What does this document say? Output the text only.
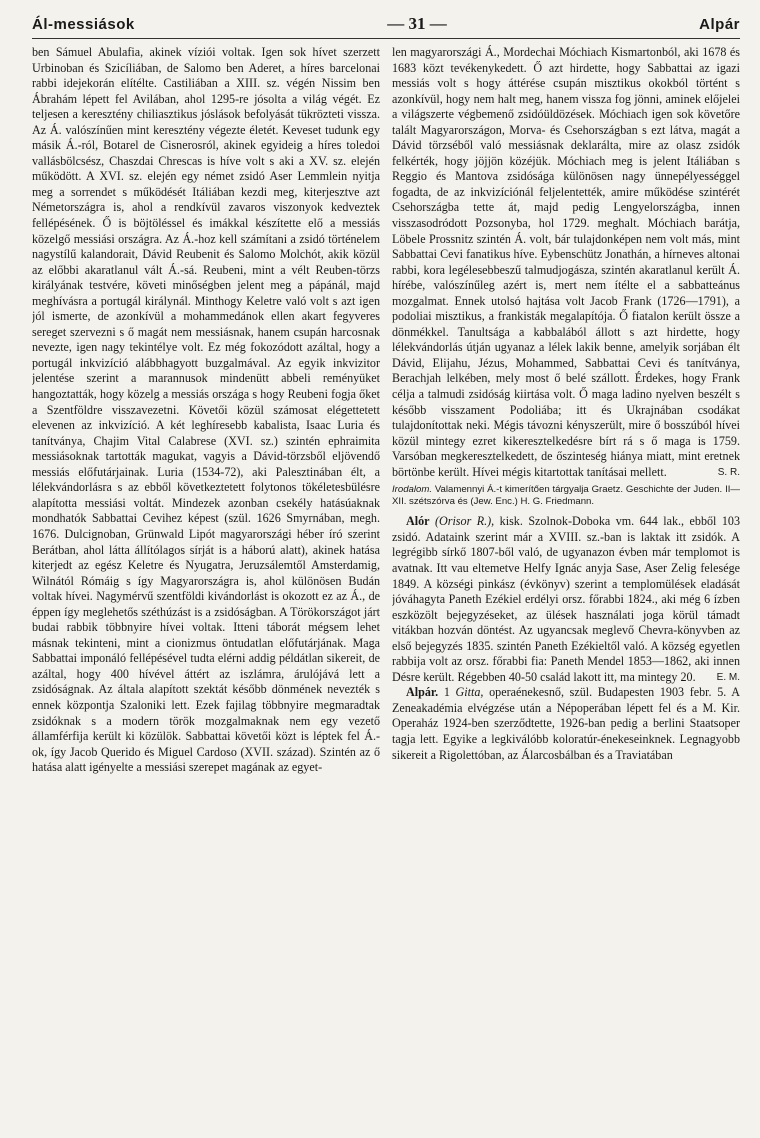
Ál-messiások	— 31 —	Alpár

ben Sámuel Abulafia, akinek víziói voltak. Igen sok hívet szerzett Urbinoban és Szicíliában, de Salomo ben Aderet, a híres barcelonai rabbi idejekorán elítélte. Castiliában a XIII. sz. végén Nissim ben Ábrahám lépett fel Avilában, ahol 1295-re jósolta a világ végét. Ez teljesen a keresztény chiliasztikus jóslások befolyását tükrözteti vissza. Az Á. valószínűen mint keresztény végezte életét. Keveset tudunk egy másik Á.-ról, Botarel de Cisnerosról, akinek egyideig a híres toledoi vallásbölcsész, Chaszdai Chrescas is híve volt s aki a XV. sz. elején működött. A XVI. sz. elején egy német zsidó Aser Lemmlein nyitja meg a sorrendet s működését Itáliában kezdi meg, kiterjesztve azt Németországra is, ahol a rendkívül zavaros viszonyok kedveztek fellépésének. Ő is böjtöléssel és imákkal készítette elő a messiás közelgő messiási országra. Az Á.-hoz kell számítani a zsidó történelem nagystílű kalandorait, Dávid Reubenit és Salomo Molchót, akik közül az előbbi akaratlanul vált Á.-sá. Reubeni, mint a vélt Reuben-törzs királyának testvére, követi minőségben jelent meg a pápánál, majd meghívásra a portugál királynál. Minthogy Keletre való volt s azt igen jól ismerte, de azonkívül a mohammedánok ellen akart fegyveres sereget szervezni s ő magát nem messiásnak, hanem csupán harcosnak nevezte, igen nagy tekintélye volt. Ez még fokozódott azáltal, hogy a portugál inkvizíció alábbhagyott buzgalmával. Az egyik inkvizitor jelentése szerint a marannusok mindenütt abbeli reményüket hangoztatták, hogy közelg a messiás országa s hogy Reubeni fogja őket a Szentföldre visszavezetni. Követői közül számosat elégettetett elevenen az inkvizíció. A két leghíresebb kabalista, Isaac Luria és tanítványa, Chajim Vital Calabrese (XVI. sz.) szintén ephraimita messiásoknak tartották magukat, vagyis a Dávid-törzsből eljövendő messiás előfutárjainak. Luria (1534-72), aki Palesztinában élt, a lélekvándorlásra s az ebből következtetett folytonos tökéletesbülésre alapította messiási voltát. Mindezek azonban csekély hatásúaknak mondhatók Sabbattai Cevihez képest (szül. 1626 Smyrnában, megh. 1676. Dulcignoban, Grünwald Lipót magyarországi héber író szerint Berátban, ahol látta állítólagos sírját is a háború alatt), akinek hatása kiterjedt az egész Keletre és Nyugatra, Jeruzsálemtől Amsterdamig, Wilnától Rómáig s így Magyarországra is, ahol különösen Budán voltak hívei. Nagymérvű szentföldi kivándorlást is okozott ez az Á., de éppen így meglehetős széthúzást is a zsidóságban. A Törökországot járt budai rabbik többnyire hívei voltak. Itteni táborát mégsem lehet másnak tekinteni, mint a cionizmus öntudatlan előfutárjának. Maga Sabbattai imponáló fellépésével tudta elérni addig példátlan sikereit, de azáltal, hogy 400 hívével áttért az iszlámra, árulójává lett a zsidóságnak. Az általa alapított szektát később dönmének nevezték s ennek központja Szaloniki lett. Ezek fajilag többnyire megmaradtak zsidóknak s a modern török mozgalmaknak nem egy vezető államférfija került ki közülök. Sabbattai követői közt is léptek fel Á.-ok, így Jacob Querido és Miguel Cardoso (XVII. század). Szintén az ő hatása alatt igényelte a messiási szerepet magának az egyet-

len magyarországi Á., Mordechai Móchiach Kismartonból, aki 1678 és 1683 közt tevékenykedett. Ő azt hirdette, hogy Sabbattai az igazi messiás volt s hogy áttérése csupán misztikus okokból történt s azonkívül, hogy nem halt meg, hanem vissza fog jönni, aminek előjelei a világszerte végbemenő zsidóüldözések. Móchiach igen sok követőre talált Magyarországon, Morva- és Csehországban s ezt látva, magát a Dávid törzséből való messiásnak deklarálta, mire az olasz zsidók felkérték, hogy jöjjön közéjük. Móchiach meg is jelent Itáliában s Reggio és Mantova zsidósága különösen nagy ünnepélyességgel fogadta, de az inkvizíciónál feljelentették, amire működése szintérét Csehországba tette át, majd pedig Lengyelországba, innen visszasodródott Pozsonyba, hol 1729. meghalt. Móchiach barátja, Löbele Prossnitz szintén Á. volt, bár tulajdonképen nem volt más, mint Sabbattai Cevi fanatikus híve. Eybenschütz Jonathán, a hírneves altonai rabbi, kora legélesebbeszű talmudjogásza, szintén akaratlanul került Á. hírébe, valószínűleg azért is, mert nem ítélte el a sabbatteánus mozgalmat. Ennek utolsó hajtása volt Jacob Frank (1726—1791), a podoliai misztikus, a frankisták megalapítója. Ő fiatalon került össze a dönmékkel. Tanultsága a kabbalából állott s azt hirdette, hogy lélekvándorlás útján ugyanaz a lélek lakik benne, amelyik sorjában élt Dávid, Elijahu, Jézus, Mohammed, Sabbattai Cevi és tanítványa, Berachjah lelkében, mely most ő belé szállott. Érdekes, hogy Frank célja a talmudi zsidóság kiirtása volt. Ő maga ladino nyelven beszélt s később visszament Podoliába; itt és Ukrajnában csodákat tulajdonítottak neki. Mégis távozni kényszerült, mire ő bosszúból hívei közül mintegy ezret kikeresztelkedésre bírt rá s ő maga is 1759. Varsóban megkeresztelkedett, de őszinteség hiánya miatt, mint eretnek börtönbe került. Hívei mégis kitartottak tanításai mellett.	S. R.

Irodalom. Valamennyi Á.-t kimerítően tárgyalja Graetz. Geschichte der Juden. II—XII. szétszórva és (Jew. Enc.) H. G. Friedmann.

Alór (Orisor R.), kisk. Szolnok-Doboka vm. 644 lak., ebből 103 zsidó. Adataink szerint már a XVIII. sz.-ban is laktak itt zsidók. A legrégibb sírkő 1807-ből való, de ugyanazon évben már templomot is avatnak. Itt vau eltemetve Helfy Ignác anyja Sase, Aser Zelig felesége 1849. A községi pinkász (évkönyv) szerint a templomülések eladását jóváhagyta Paneth Ezékiel erdélyi orsz. főrabbi 1824., aki még 6 ízben eszközölt bejegyzéseket, az ülések használati joga körül támadt vitákban hozván döntést. Az ugyancsak meglevő Chevra-könyvben az első bejegyzés 1835. szintén Paneth Ezékieltől való. A község egyetlen rabbija volt az orsz. főrabbi fia: Paneth Mendel 1853—1862, aki innen Désre került. Régebben 40-50 család lakott itt, ma mintegy 20.	E. M.

Alpár. 1 Gitta, operaénekesnő, szül. Budapesten 1903 febr. 5. A Zeneakadémia elvégzése után a Népoperában lépett fel és a M. Kir. Operaház 1924-ben szerződtette, 1926-ban pedig a berlini Staatsoper tagja lett. Egyike a legkiválóbb koloratúr-énekeseinknek. Legnagyobb sikereit a Rigolettóban, az Álarcosbálban és a Traviatában
